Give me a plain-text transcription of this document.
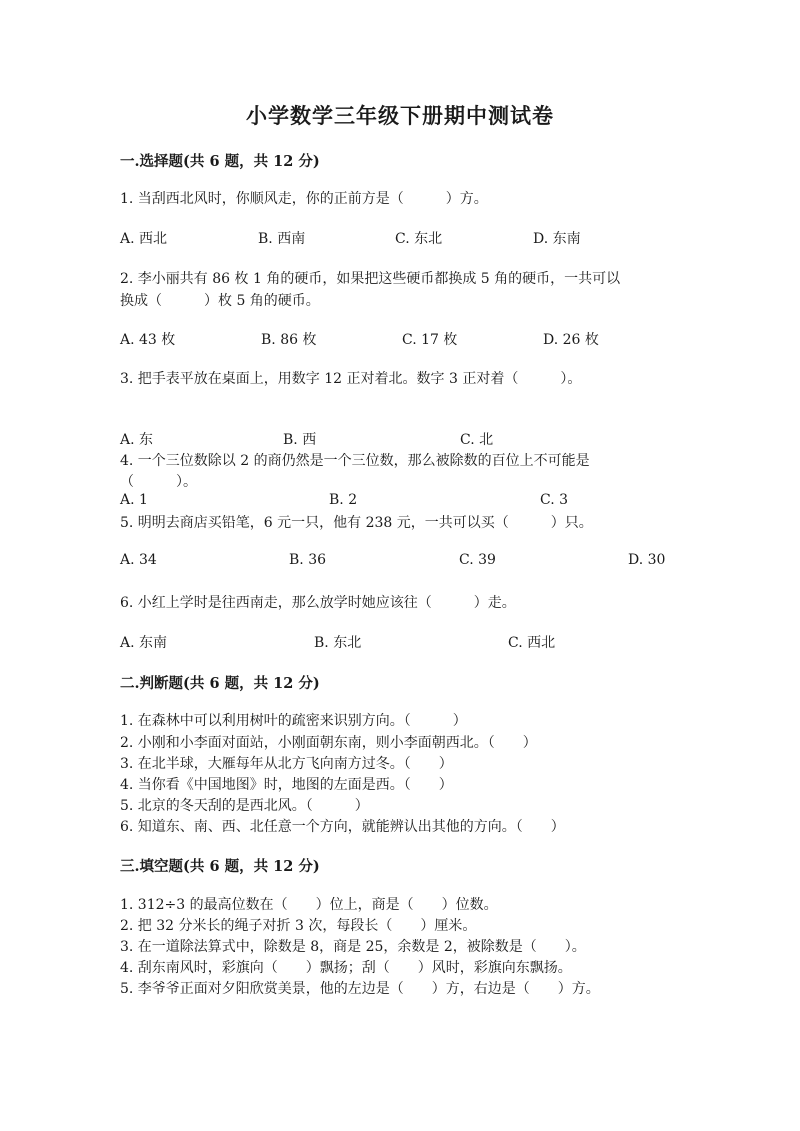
小学数学三年级下册期中测试卷
一.选择题(共 6 题，共 12 分)
1. 当刮西北风时，你顺风走，你的正前方是（　　　）方。
A. 西北	B. 西南	C. 东北	D. 东南
2. 李小丽共有 86 枚 1 角的硬币，如果把这些硬币都换成 5 角的硬币，一共可以
换成（　　　）枚 5 角的硬币。
A. 43 枚	B. 86 枚	C. 17 枚	D. 26 枚
3. 把手表平放在桌面上，用数字 12 正对着北。数字 3 正对着（　　　）。
A. 东	B. 西	C. 北
4. 一个三位数除以 2 的商仍然是一个三位数，那么被除数的百位上不可能是
（　　　）。
A. 1	B. 2	C. 3
5. 明明去商店买铅笔，6 元一只，他有 238 元，一共可以买（　　　）只。
A. 34	B. 36	C. 39	D. 30
6. 小红上学时是往西南走，那么放学时她应该往（　　　）走。
A. 东南	B. 东北	C. 西北
二.判断题(共 6 题，共 12 分)
1. 在森林中可以利用树叶的疏密来识别方向。（　　　）
2. 小刚和小李面对面站，小刚面朝东南，则小李面朝西北。（　　）
3. 在北半球，大雁每年从北方飞向南方过冬。（　　）
4. 当你看《中国地图》时，地图的左面是西。（　　）
5. 北京的冬天刮的是西北风。（　　　）
6. 知道东、南、西、北任意一个方向，就能辨认出其他的方向。（　　）
三.填空题(共 6 题，共 12 分)
1. 312÷3 的最高位数在（　　）位上，商是（　　）位数。
2. 把 32 分米长的绳子对折 3 次，每段长（　　）厘米。
3. 在一道除法算式中，除数是 8，商是 25，余数是 2，被除数是（　　）。
4. 刮东南风时，彩旗向（　　）飘扬；刮（　　）风时，彩旗向东飘扬。
5. 李爷爷正面对夕阳欣赏美景，他的左边是（　　）方，右边是（　　）方。
